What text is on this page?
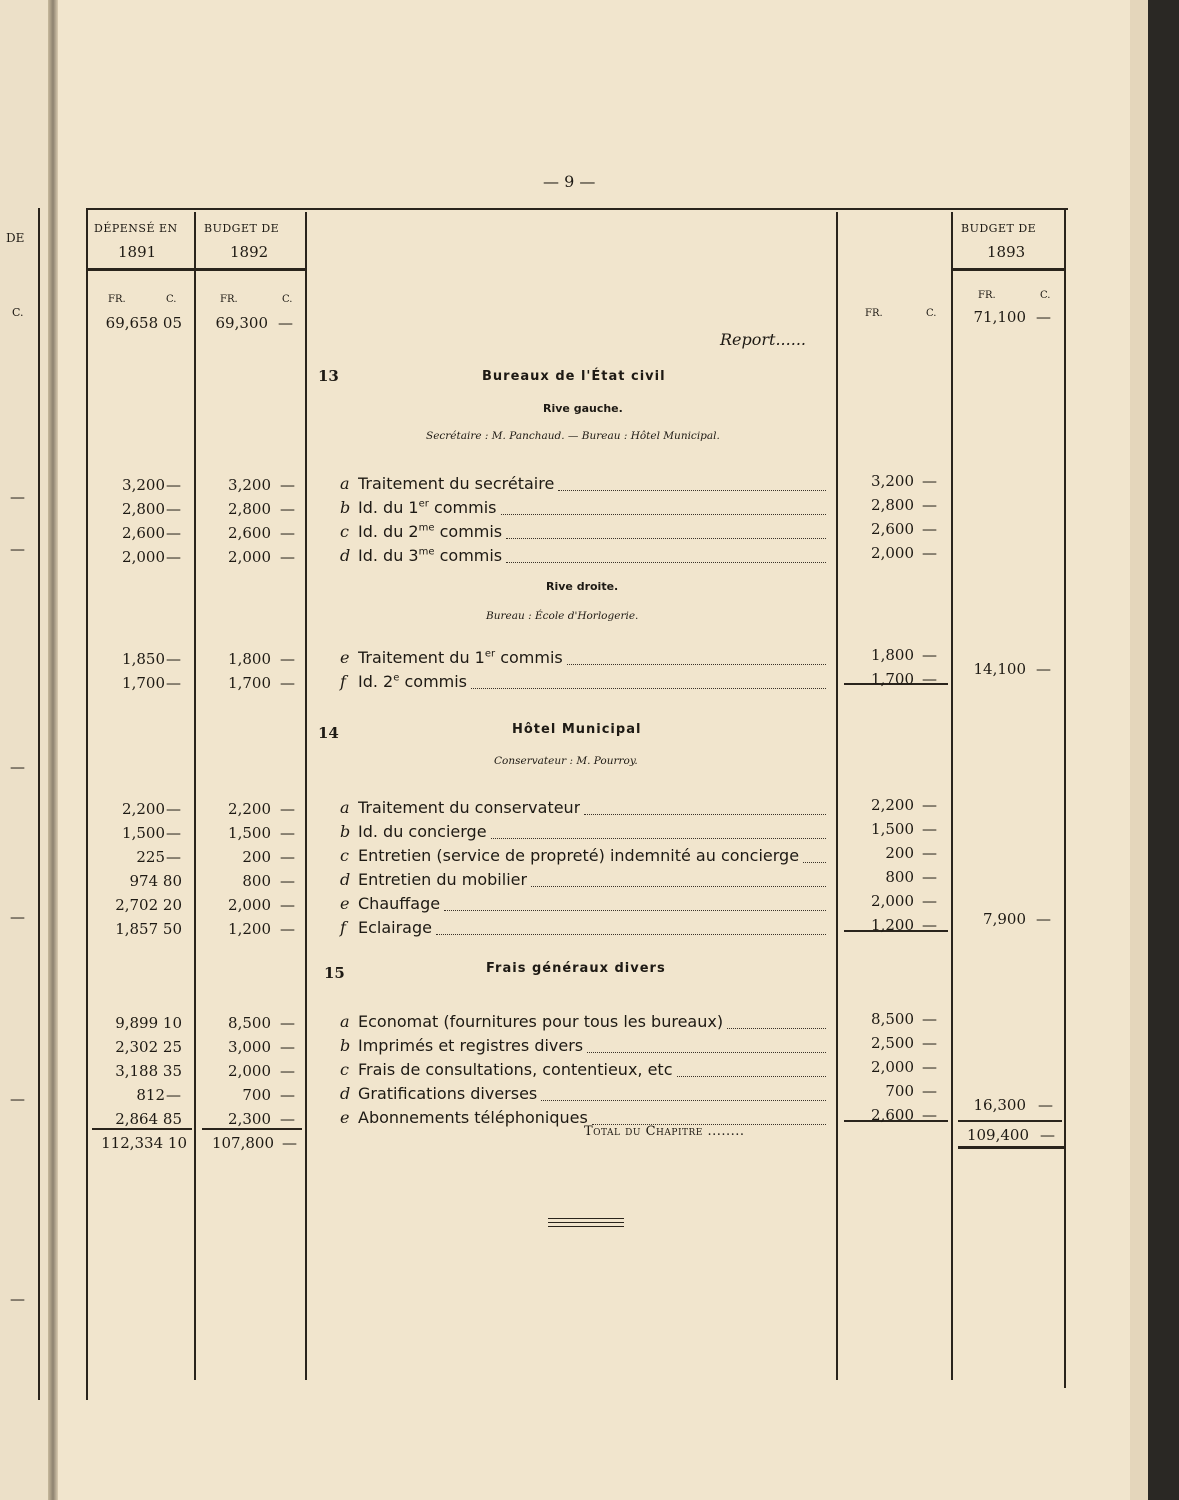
DE
C.
—
—
—
—
—
—
— 9 —
DÉPENSÉ EN
1891
BUDGET DE
1892
BUDGET DE
1893
FR.	C.	FR.	C.
FR.	C.
FR.	C.
69,658 05 69,300 —
Report......
71,100 —
13	Bureaux de l'État civil
Rive gauche.
Secrétaire : M. Panchaud. — Bureau : Hôtel Municipal.
Rive droite.
Bureau : École d'Horlogerie.
14	Hôtel Municipal
Conservateur : M. Pourroy.
15	Frais généraux divers
14,100 —
7,900 —
16,300 —
112,334 10 107,800 —
Total du Chapitre ........	109,400 —
3,200 —	3,200 —	a Traitement du secrétaire	3,200 —
2,800 —	2,800 —	b Id. du 1er commis	2,800 —
2,600 —	2,600 —	c Id. du $2^{me}$ commis	2,600 —
2,000 —	2,000 —	d Id. du $3^{me}$ commis	2,000 —
1,850 —	1,800 —	e Traitement du 1er commis	1,800 —
1,700 —	1,700 —	f Id. 2e commis	1,700 —
2,200 —	2,200 —	a Traitement du conservateur	2,200 —
1,500 —	1,500 —	b Id. du concierge	1,500 —
225 —	200 —	c Entretien (service de propreté) indemnité au concierge	200 —
974 80	800 —	d Entretien du mobilier	800 —
2,702 20	2,000 —	e Chauffage	2,000 —
1,857 50	1,200 —	f Eclairage	1,200 —
9,899 10	8,500 —	a Economat (fournitures pour tous les bureaux)	8,500 —
2,302 25	3,000 —	b Imprimés et registres divers	2,500 —
3,188 35	2,000 —	c Frais de consultations, contentieux, etc	2,000 —
812 —	700 —	d Gratifications diverses	700 —
2,864 85	2,300 —	e Abonnements téléphoniques	2,600 —
